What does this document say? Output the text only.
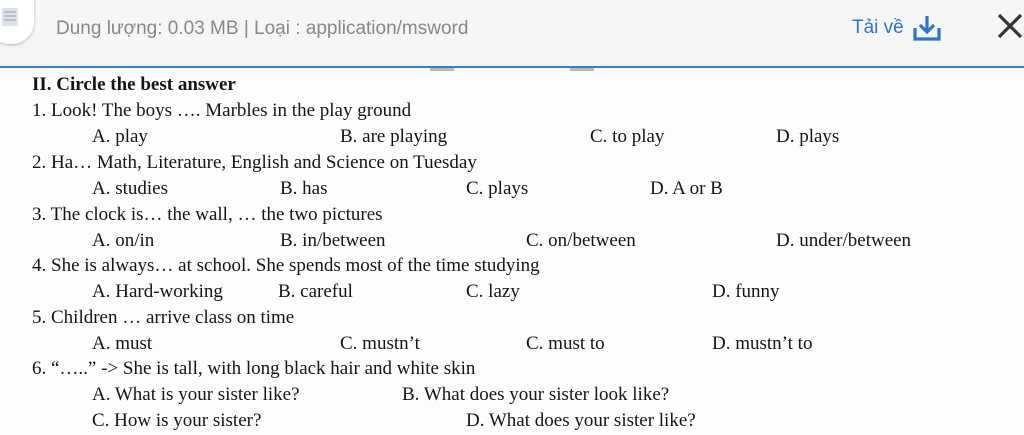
Dung lượng: 0.03 MB | Loại : application/msword	Tải về
II. Circle the best answer
1. Look! The boys …. Marbles in the play ground
A. play	B. are playing	C. to play	D. plays
2. Ha… Math, Literature, English and Science on Tuesday
A. studies	B. has	C. plays	D. A or B
3. The clock is… the wall, … the two pictures
A. on/in	B. in/between	C. on/between	D. under/between
4. She is always… at school. She spends most of the time studying
A. Hard-working	B. careful	C. lazy	D. funny
5. Children … arrive class on time
A. must	C. mustn’t	C. must to	D. mustn’t to
6. “…..” -> She is tall, with long black hair and white skin
A. What is your sister like?	B. What does your sister look like?
C. How is your sister?	D. What does your sister like?
